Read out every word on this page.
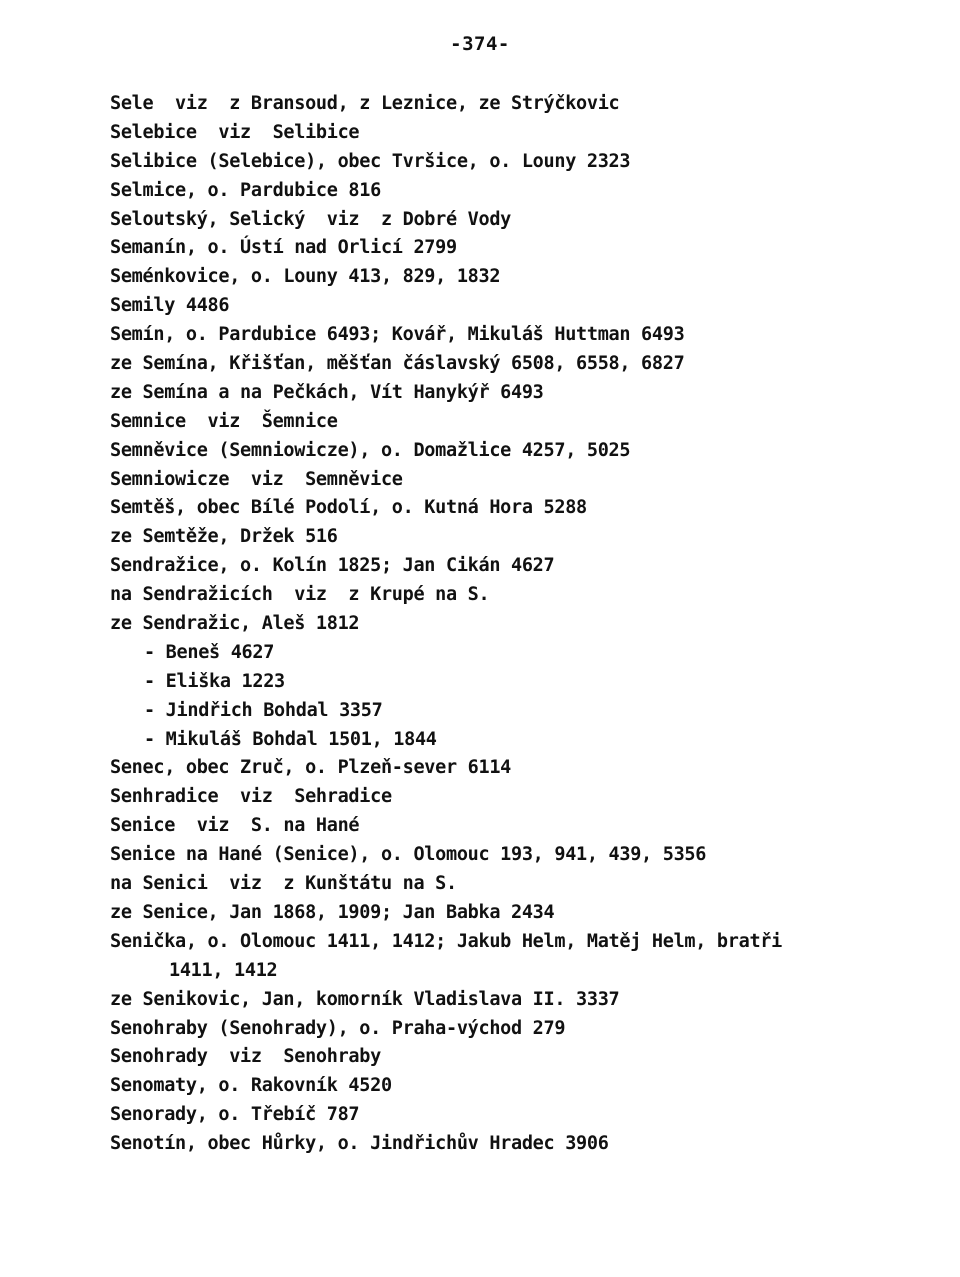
-374-
Sele  viz  z Bransoud, z Leznice, ze Strýčkovic
Selebice  viz  Selibice
Selibice (Selebice), obec Tvršice, o. Louny 2323
Selmice, o. Pardubice 816
Seloutský, Selický  viz  z Dobré Vody
Semanín, o. Ústí nad Orlicí 2799
Seménkovice, o. Louny 413, 829, 1832
Semily 4486
Semín, o. Pardubice 6493; Kovář, Mikuláš Huttman 6493
ze Semína, Křišťan, měšťan čáslavský 6508, 6558, 6827
ze Semína a na Pečkách, Vít Hanykýř 6493
Semnice  viz  Šemnice
Semněvice (Semniowicze), o. Domažlice 4257, 5025
Semniowicze  viz  Semněvice
Semtěš, obec Bílé Podolí, o. Kutná Hora 5288
ze Semtěže, Držek 516
Sendražice, o. Kolín 1825; Jan Cikán 4627
na Sendražicích  viz  z Krupé na S.
ze Sendražic, Aleš 1812
- Beneš 4627
- Eliška 1223
- Jindřich Bohdal 3357
- Mikuláš Bohdal 1501, 1844
Senec, obec Zruč, o. Plzeň-sever 6114
Senhradice  viz  Sehradice
Senice  viz  S. na Hané
Senice na Hané (Senice), o. Olomouc 193, 941, 439, 5356
na Senici  viz  z Kunštátu na S.
ze Senice, Jan 1868, 1909; Jan Babka 2434
Senička, o. Olomouc 1411, 1412; Jakub Helm, Matěj Helm, bratři
1411, 1412
ze Senikovic, Jan, komorník Vladislava II. 3337
Senohraby (Senohrady), o. Praha-východ 279
Senohrady  viz  Senohraby
Senomaty, o. Rakovník 4520
Senorady, o. Třebíč 787
Senotín, obec Hůrky, o. Jindřichův Hradec 3906
